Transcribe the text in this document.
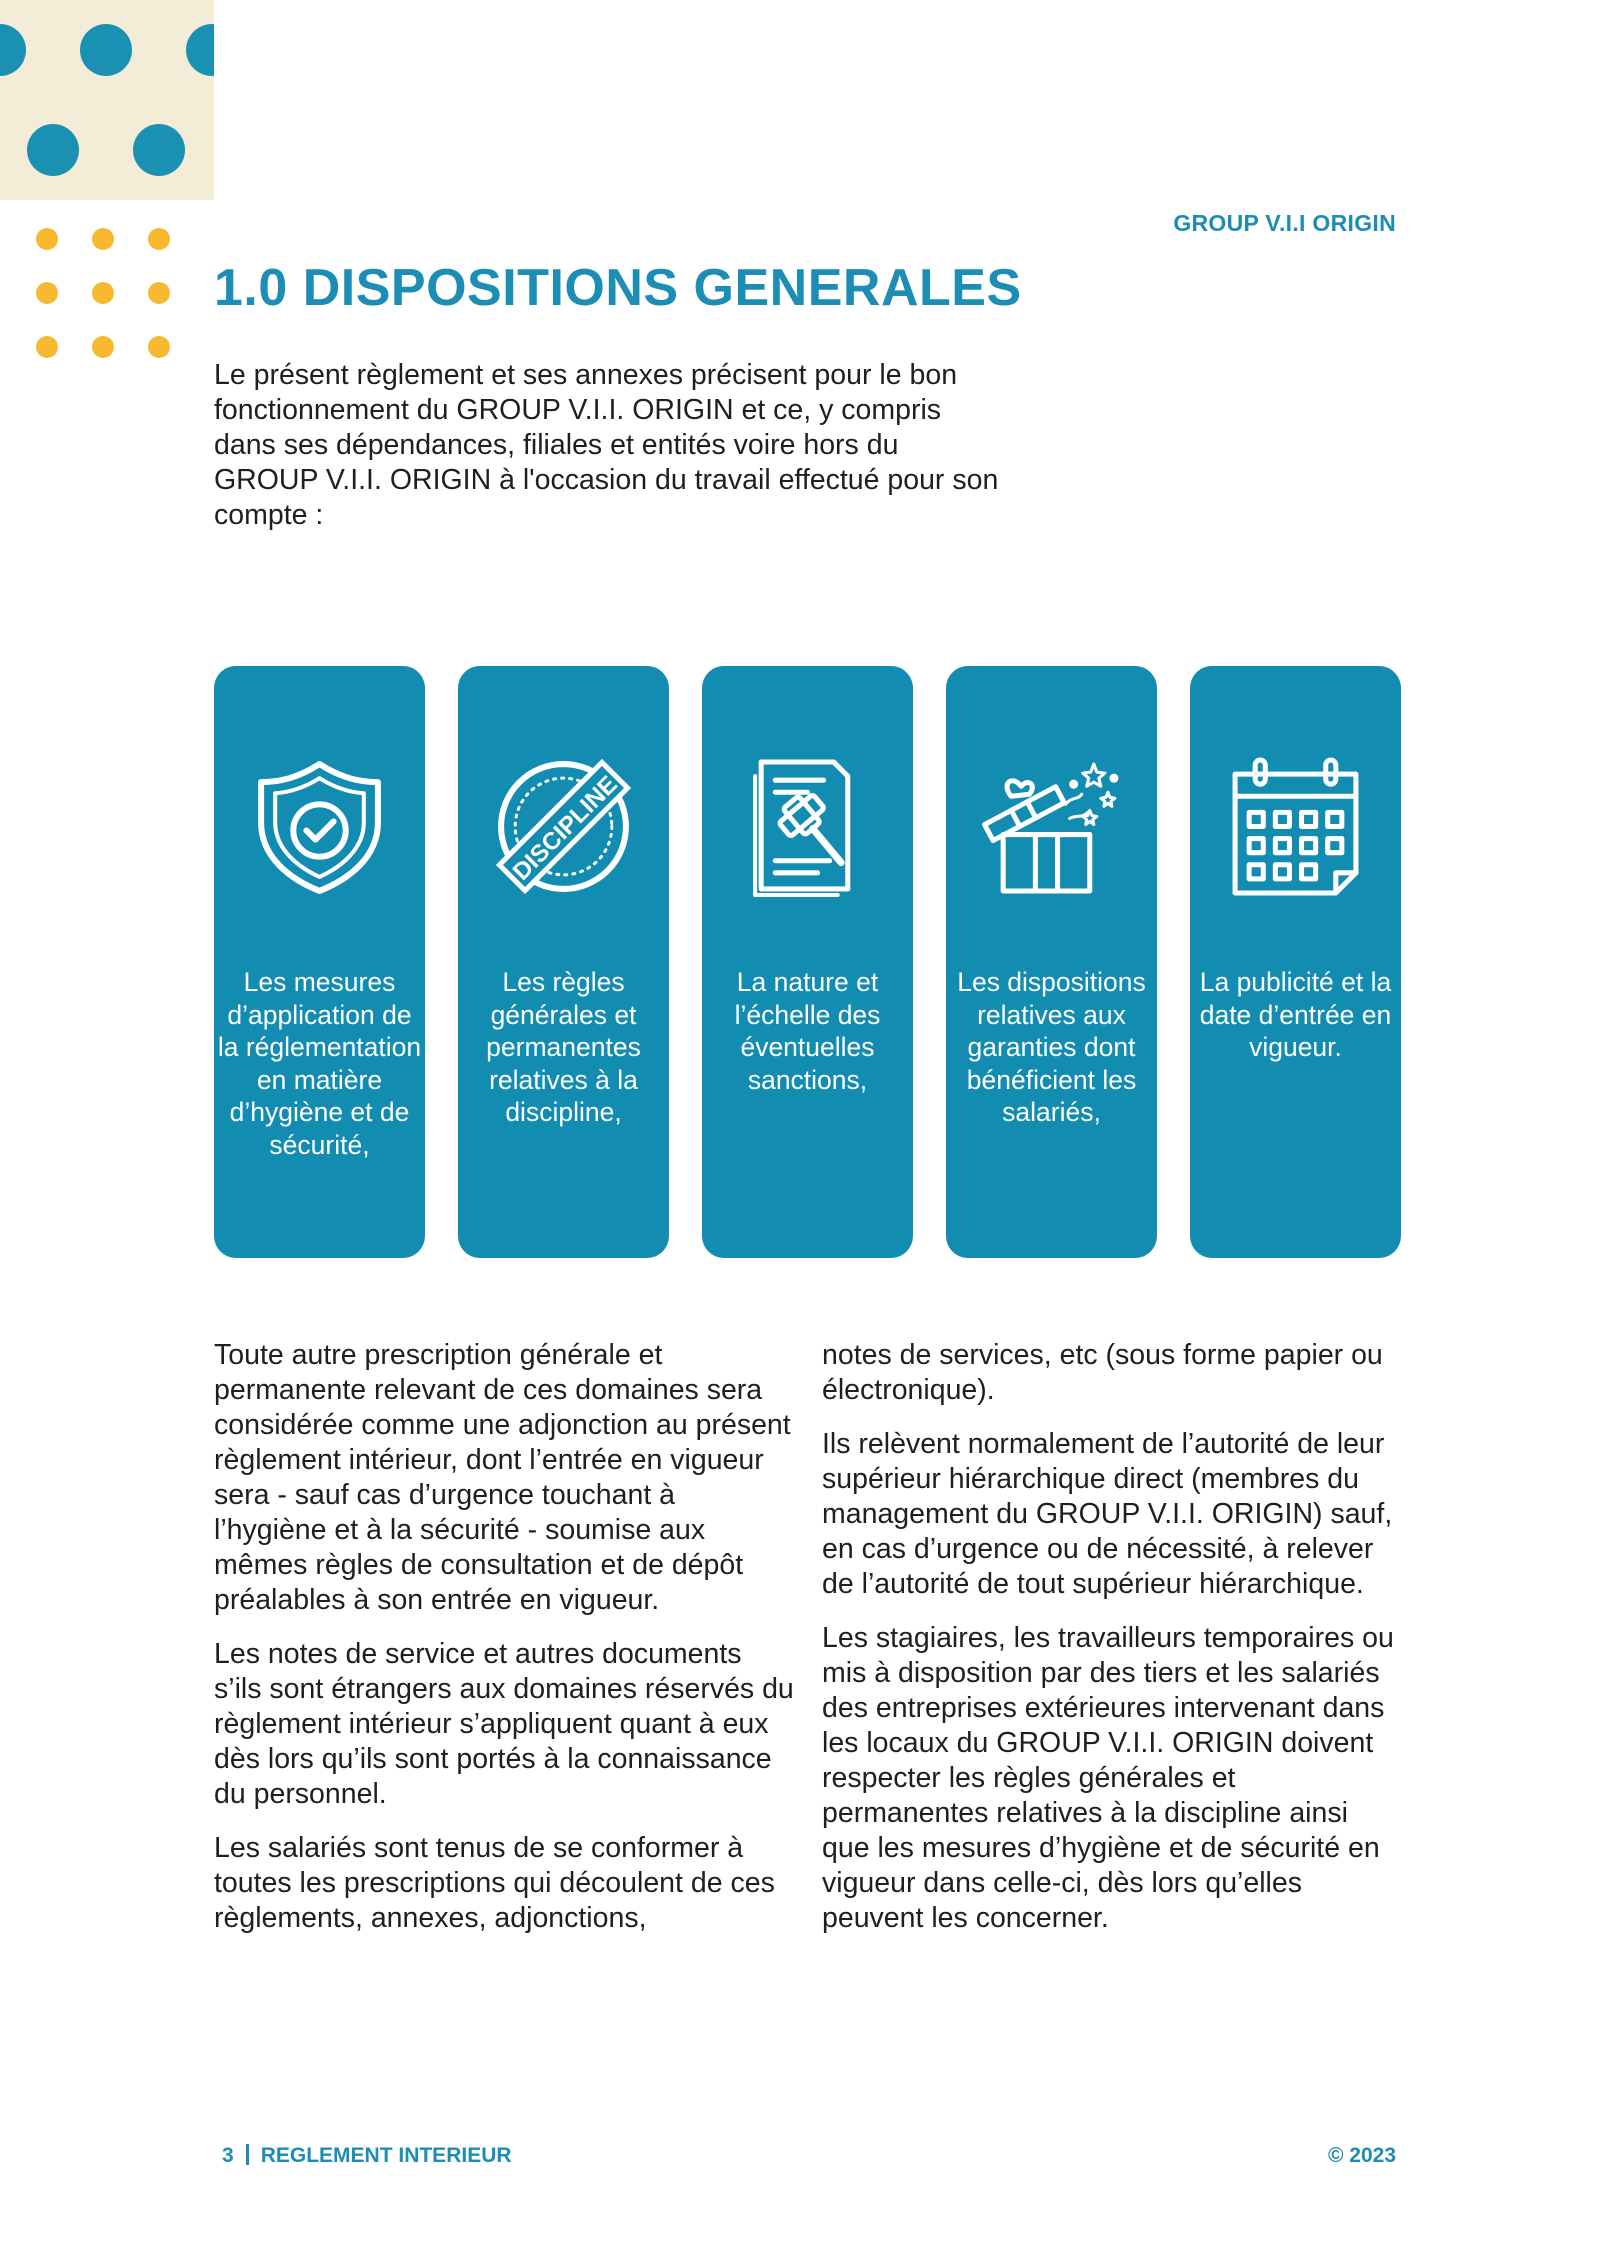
GROUP V.I.I ORIGIN
1.0 DISPOSITIONS GENERALES

Le présent règlement et ses annexes précisent pour le bon fonctionnement du GROUP V.I.I. ORIGIN et ce, y compris dans ses dépendances, filiales et entités voire hors du GROUP V.I.I. ORIGIN à l'occasion du travail effectué pour son compte :

Les mesures d’application de la réglementation en matière d’hygiène et de sécurité,
DISCIPLINE
Les règles générales et permanentes relatives à la discipline,
La nature et l’échelle des éventuelles sanctions,
Les dispositions relatives aux garanties dont bénéficient les salariés,
La publicité et la date d’entrée en vigueur.

Toute autre prescription générale et permanente relevant de ces domaines sera considérée comme une adjonction au présent règlement intérieur, dont l’entrée en vigueur sera - sauf cas d’urgence touchant à l’hygiène et à la sécurité - soumise aux mêmes règles de consultation et de dépôt préalables à son entrée en vigueur.

Les notes de service et autres documents s’ils sont étrangers aux domaines réservés du règlement intérieur s’appliquent quant à eux dès lors qu’ils sont portés à la connaissance du personnel.

Les salariés sont tenus de se conformer à toutes les prescriptions qui découlent de ces règlements, annexes, adjonctions,

notes de services, etc (sous forme papier ou électronique).

Ils relèvent normalement de l’autorité de leur supérieur hiérarchique direct (membres du management du GROUP V.I.I. ORIGIN) sauf, en cas d’urgence ou de nécessité, à relever de l’autorité de tout supérieur hiérarchique.

Les stagiaires, les travailleurs temporaires ou mis à disposition par des tiers et les salariés des entreprises extérieures intervenant dans les locaux du GROUP V.I.I. ORIGIN doivent respecter les règles générales et permanentes relatives à la discipline ainsi que les mesures d’hygiène et de sécurité en vigueur dans celle-ci, dès lors qu’elles peuvent les concerner.

3 REGLEMENT INTERIEUR	© 2023
